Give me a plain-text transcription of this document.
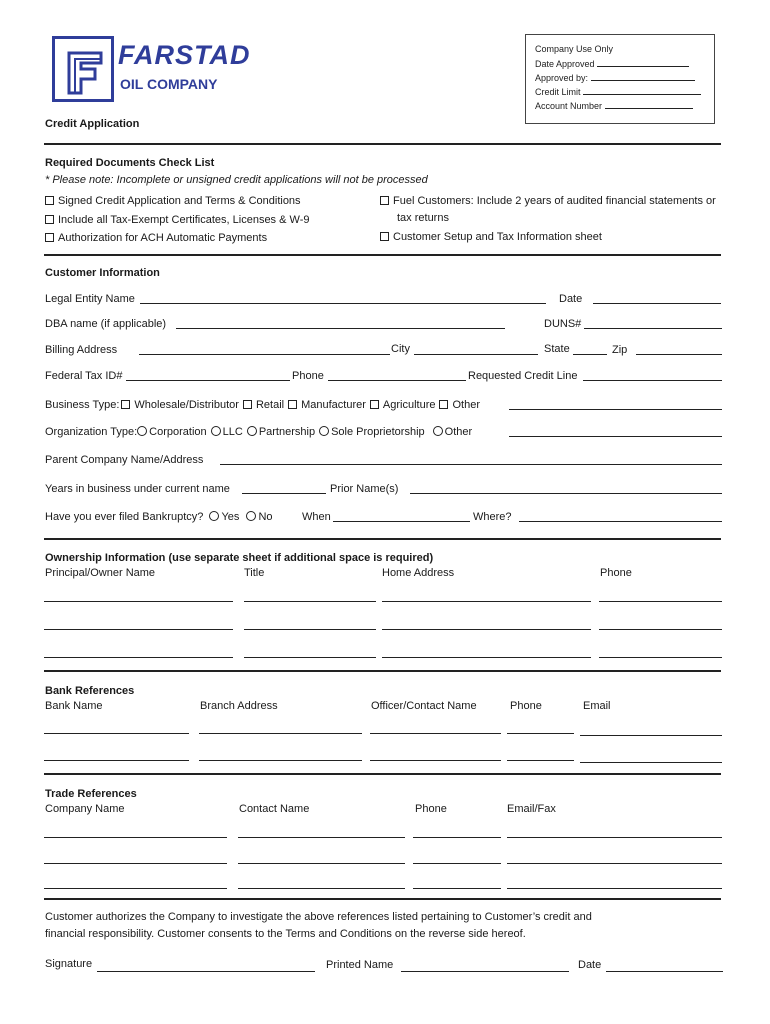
FARSTAD
OIL COMPANY
Company Use Only
Date Approved
Approved by:
Credit Limit
Account Number
Credit Application
Required Documents Check List
* Please note: Incomplete or unsigned credit applications will not be processed
Signed Credit Application and Terms & Conditions
Include all Tax-Exempt Certificates, Licenses & W-9
Authorization for ACH Automatic Payments
Fuel Customers: Include 2 years of audited financial statements or
tax returns
Customer Setup and Tax Information sheet
Customer Information
Legal Entity Name	Date
DBA name (if applicable)	DUNS#
Billing Address	City	State	Zip
Federal Tax ID#	Phone	Requested Credit Line
Business Type: Wholesale/Distributor Retail Manufacturer Agriculture Other
Organization Type: Corporation LLC Partnership Sole Proprietorship Other
Parent Company Name/Address
Years in business under current name	Prior Name(s)
Have you ever filed Bankruptcy? Yes No	When	Where?
Ownership Information (use separate sheet if additional space is required)
Principal/Owner Name	Title	Home Address	Phone
Bank References
Bank Name	Branch Address	Officer/Contact Name	Phone	Email
Trade References
Company Name	Contact Name	Phone	Email/Fax
Customer authorizes the Company to investigate the above references listed pertaining to Customer’s credit and
financial responsibility. Customer consents to the Terms and Conditions on the reverse side hereof.
Signature	Printed Name	Date
